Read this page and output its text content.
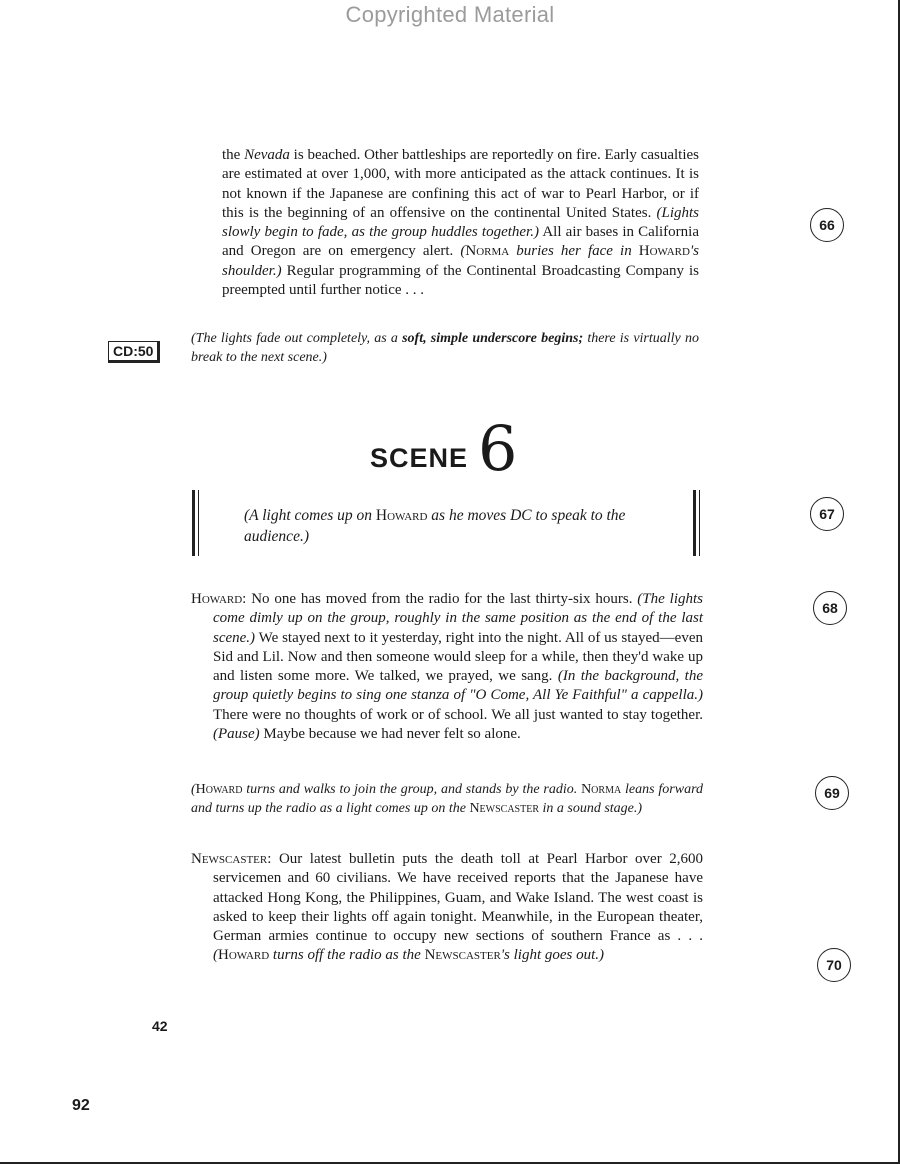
Copyrighted Material

the Nevada is beached. Other battleships are reportedly on fire. Early casualties are estimated at over 1,000, with more anticipated as the attack continues. It is not known if the Japanese are confining this act of war to Pearl Harbor, or if this is the beginning of an offensive on the continental United States. (Lights slowly begin to fade, as the group huddles together.) All air bases in California and Oregon are on emergency alert. (Norma buries her face in Howard's shoulder.) Regular programming of the Continental Broadcasting Company is preempted until further notice . . .

66
CD:50

(The lights fade out completely, as a soft, simple underscore begins; there is virtually no break to the next scene.)

SCENE 6

(A light comes up on Howard as he moves DC to speak to the audience.)

67

Howard: No one has moved from the radio for the last thirty-six hours. (The lights come dimly up on the group, roughly in the same position as the end of the last scene.) We stayed next to it yesterday, right into the night. All of us stayed—even Sid and Lil. Now and then someone would sleep for a while, then they'd wake up and listen some more. We talked, we prayed, we sang. (In the background, the group quietly begins to sing one stanza of "O Come, All Ye Faithful" a cappella.) There were no thoughts of work or of school. We all just wanted to stay together. (Pause) Maybe because we had never felt so alone.

68

(Howard turns and walks to join the group, and stands by the radio. Norma leans forward and turns up the radio as a light comes up on the Newscaster in a sound stage.)

69

Newscaster: Our latest bulletin puts the death toll at Pearl Harbor over 2,600 servicemen and 60 civilians. We have received reports that the Japanese have attacked Hong Kong, the Philippines, Guam, and Wake Island. The west coast is asked to keep their lights off again tonight. Meanwhile, in the European theater, German armies continue to occupy new sections of southern France as . . . (Howard turns off the radio as the Newscaster's light goes out.)

70
42
92
